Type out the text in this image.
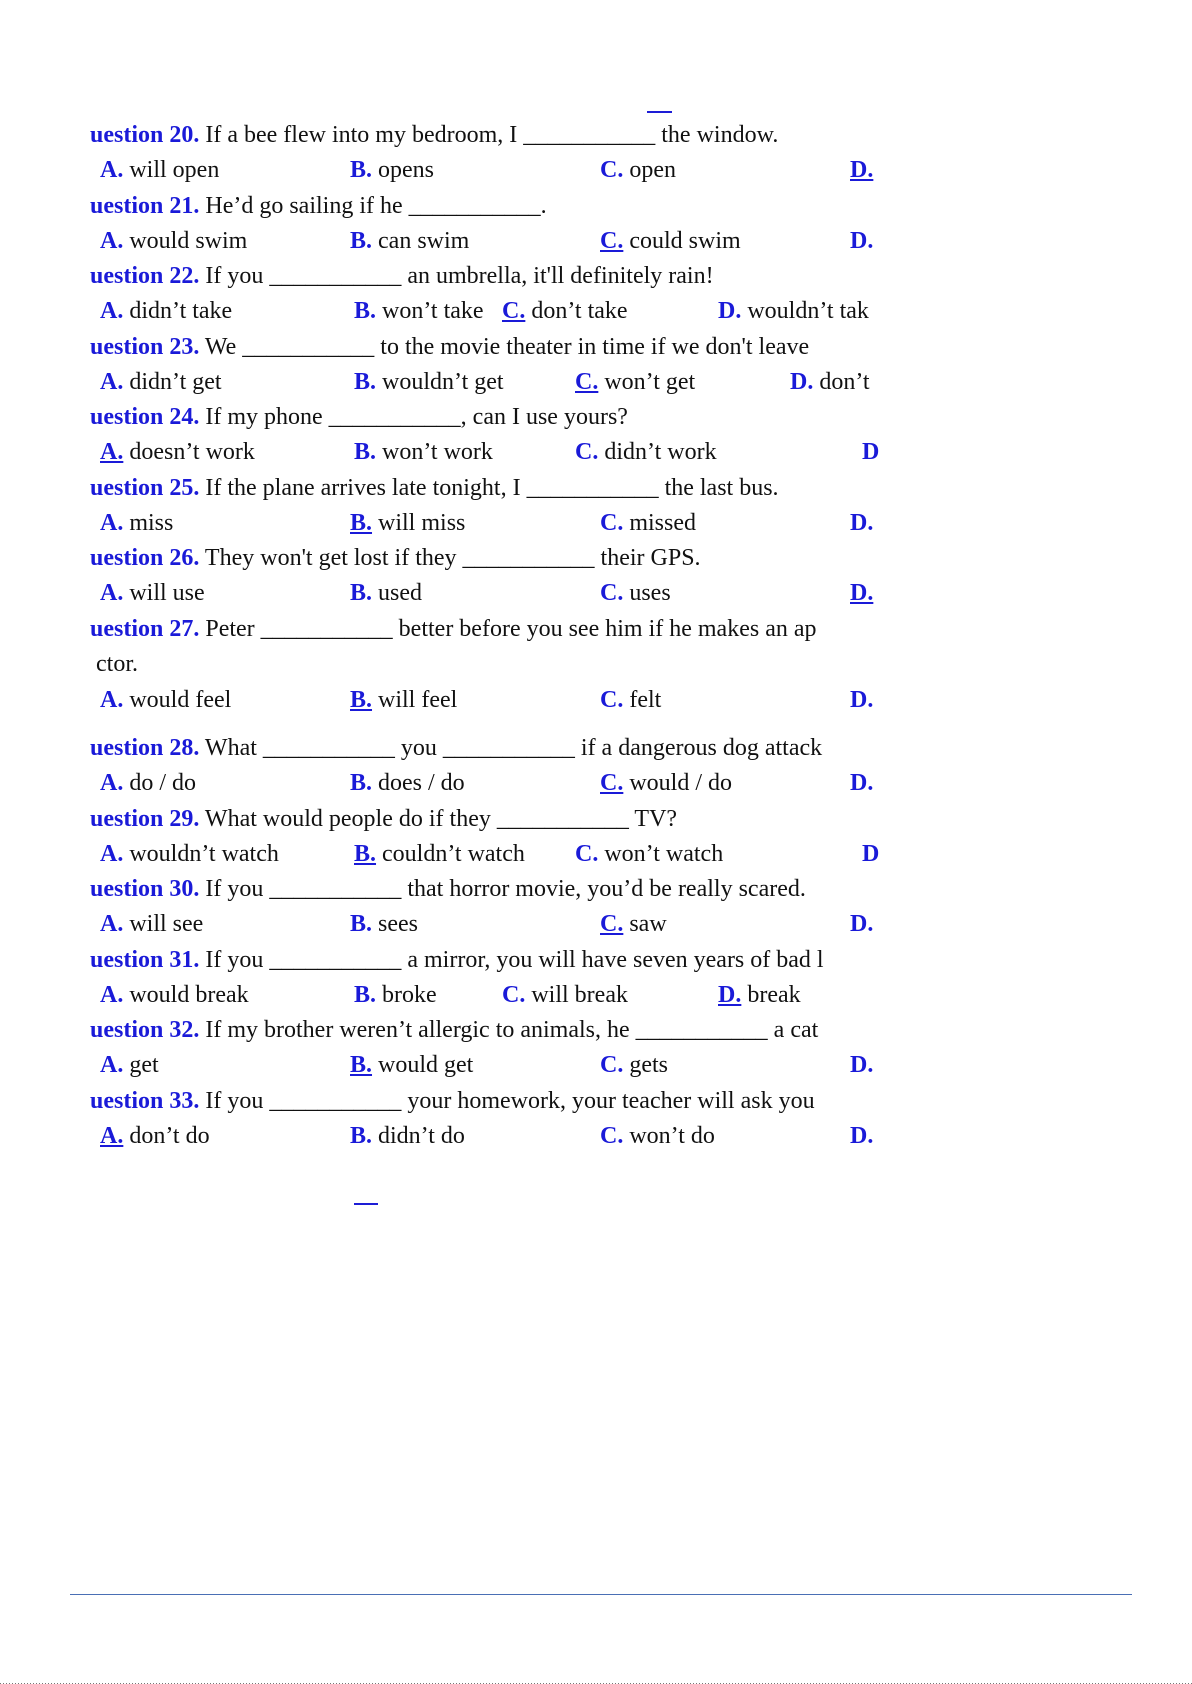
uestion 20. If a bee flew into my bedroom, I ___________ the window.
A. will open	B. opens	C. open	D.
uestion 21. He’d go sailing if he ___________.
A. would swim	B. can swim	C. could swim	D.
uestion 22. If you ___________ an umbrella, it'll definitely rain!
A. didn’t take	B. won’t take C. don’t take	D. wouldn’t tak
uestion 23. We ___________ to the movie theater in time if we don't leave
A. didn’t get	B. wouldn’t get	C. won’t get	D. don’t
uestion 24. If my phone ___________, can I use yours?
A. doesn’t work	B. won’t work	C. didn’t work	D
uestion 25. If the plane arrives late tonight, I ___________ the last bus.
A. miss	B. will miss	C. missed	D.
uestion 26. They won't get lost if they ___________ their GPS.
A. will use	B. used	C. uses	D.
uestion 27. Peter ___________ better before you see him if he makes an ap
ctor.
A. would feel	B. will feel	C. felt	D.
uestion 28. What ___________ you ___________ if a dangerous dog attack
A. do / do	B. does / do	C. would / do	D.
uestion 29. What would people do if they ___________ TV?
A. wouldn’t watch	B. couldn’t watch C. won’t watch	D
uestion 30. If you ___________ that horror movie, you’d be really scared.
A. will see	B. sees	C. saw	D.
uestion 31. If you ___________ a mirror, you will have seven years of bad l
A. would break	B. broke	C. will break	D. break
uestion 32. If my brother weren’t allergic to animals, he ___________ a cat
A. get	B. would get	C. gets	D.
uestion 33. If you ___________ your homework, your teacher will ask you
A. don’t do	B. didn’t do	C. won’t do	D.
